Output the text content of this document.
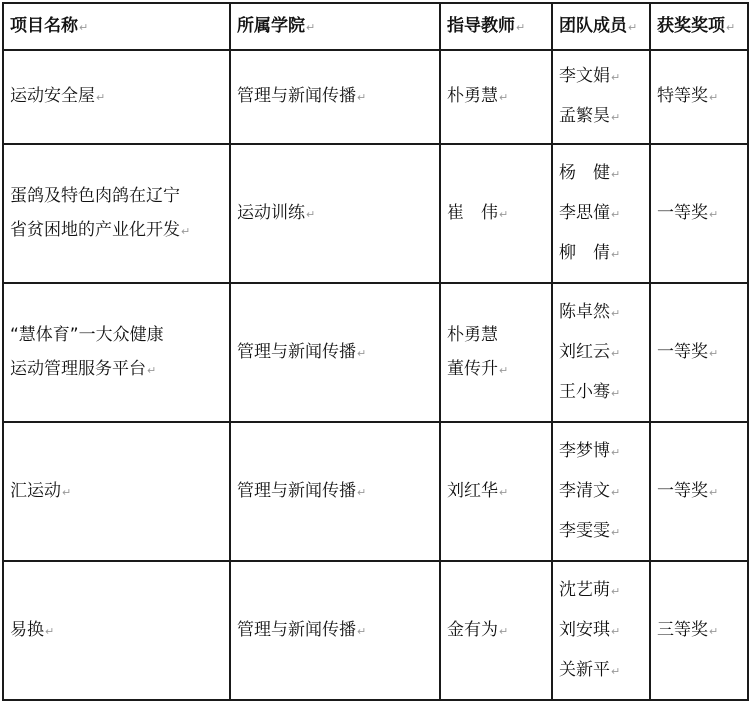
项目名称↵	所属学院↵	指导教师↵	团队成员↵	获奖奖项↵
运动安全屋↵	管理与新闻传播↵	朴勇慧↵	李文娟↵
孟繁昊↵	特等奖↵

蛋鸽及特色肉鸽在辽宁
省贫困地的产业化开发↵	运动训练↵	崔　伟↵	杨　健↵
李思僮↵
柳　倩↵	一等奖↵

“慧体育”一大众健康
运动管理服务平台↵	管理与新闻传播↵	朴勇慧
董传升↵	陈卓然↵
刘红云↵
王小骞↵	一等奖↵
汇运动↵	管理与新闻传播↵	刘红华↵	李梦博↵
李清文↵
李雯雯↵	一等奖↵
易换↵	管理与新闻传播↵	金有为↵	沈艺萌↵
刘安琪↵
关新平↵	三等奖↵
